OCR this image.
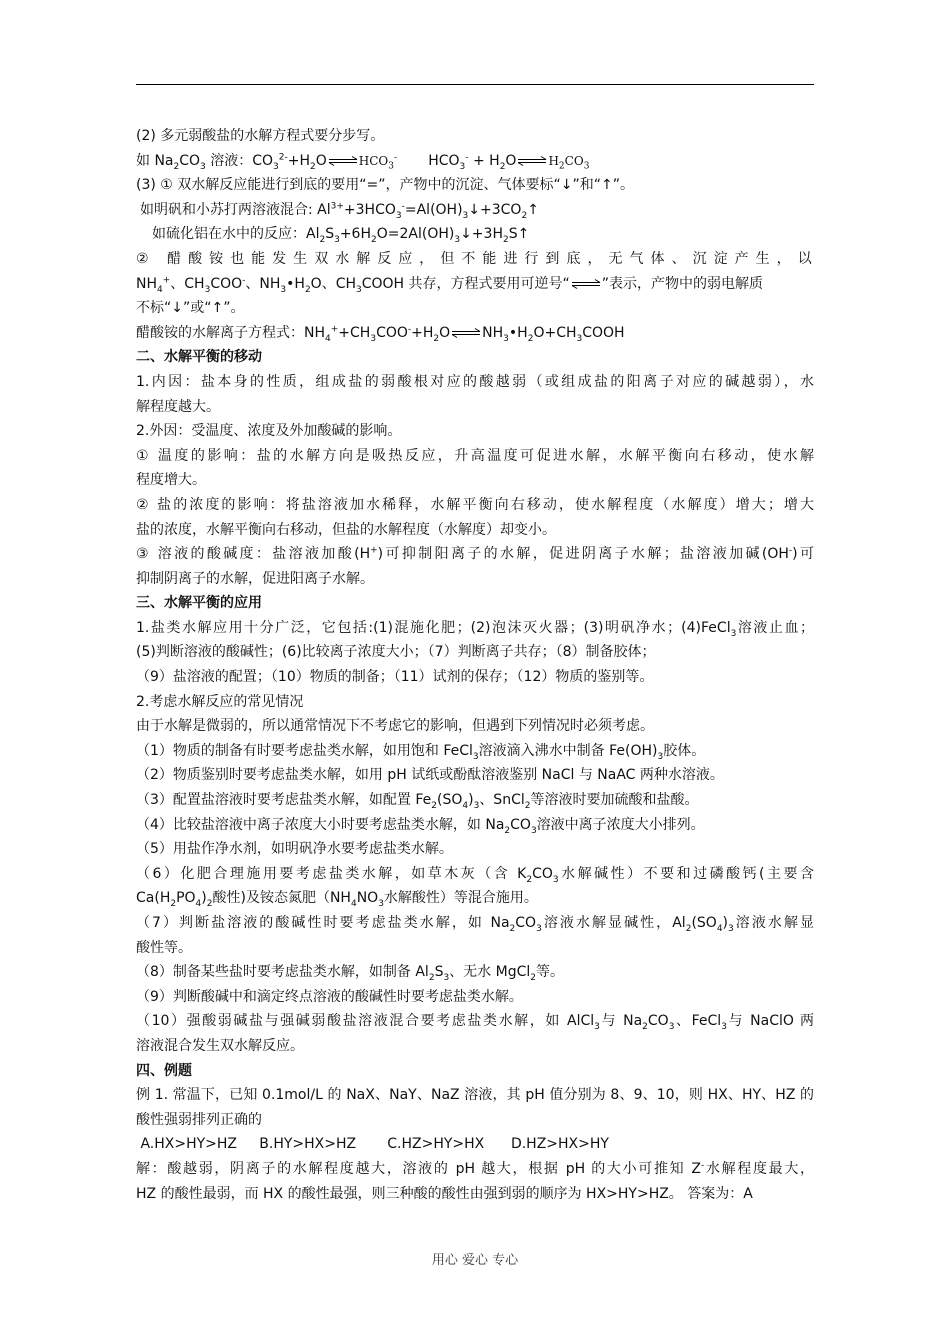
(2) 多元弱酸盐的水解方程式要分步写。
如 $Na_2CO_3$ 溶液：$CO_3^{2-}+H_2O\rightleftharpoons HCO_3^-$       $HCO_3^-$ + $H_2O\rightleftharpoons H_2CO_3$
(3) ① 双水解反应能进行到底的要用“=”，产物中的沉淀、气体要标“↓”和“↑”。
如明矾和小苏打两溶液混合: $Al^{3+}+3HCO_3^-=Al(OH)_3↓+3CO_2↑$
如硫化铝在水中的反应：$Al_2S_3+6H_2O=2Al(OH)_3↓+3H_2S↑$
② 醋酸铵也能发生双水解反应，但不能进行到底，无气体、沉淀产生，以
$NH_4^+$、$CH_3COO^-$、$NH_3•H_2O$、$CH_3COOH$ 共存，方程式要用可逆号“⇌”表示，产物中的弱电解质
不标“↓”或“↑”。
醋酸铵的水解离子方程式：$NH_4^++CH_3COO^-+H_2O\rightleftharpoons NH_3•H_2O+CH_3COOH$
二、水解平衡的移动
1.内因：盐本身的性质，组成盐的弱酸根对应的酸越弱（或组成盐的阳离子对应的碱越弱），水
解程度越大。
2.外因：受温度、浓度及外加酸碱的影响。
① 温度的影响：盐的水解方向是吸热反应，升高温度可促进水解，水解平衡向右移动，使水解
程度增大。
② 盐的浓度的影响：将盐溶液加水稀释，水解平衡向右移动，使水解程度（水解度）增大；增大
盐的浓度，水解平衡向右移动，但盐的水解程度（水解度）却变小。
③ 溶液的酸碱度：盐溶液加酸(H+)可抑制阳离子的水解，促进阴离子水解；盐溶液加碱(OH-)可
抑制阴离子的水解，促进阳离子水解。
三、水解平衡的应用
1.盐类水解应用十分广泛，它包括:(1)混施化肥；(2)泡沫灭火器；(3)明矾净水；(4)FeCl$_3$溶液止血；
(5)判断溶液的酸碱性；(6)比较离子浓度大小；（7）判断离子共存；（8）制备胶体；
（9）盐溶液的配置；（10）物质的制备；（11）试剂的保存；（12）物质的鉴别等。
2.考虑水解反应的常见情况
由于水解是微弱的，所以通常情况下不考虑它的影响，但遇到下列情况时必须考虑。
（1）物质的制备有时要考虑盐类水解，如用饱和 FeCl$_3$溶液滴入沸水中制备 $Fe(OH)_3$胶体。
（2）物质鉴别时要考虑盐类水解，如用 pH 试纸或酚酞溶液鉴别 NaCl 与 NaAC 两种水溶液。
（3）配置盐溶液时要考虑盐类水解，如配置 $Fe_2(SO_4)_3$、SnCl$_2$等溶液时要加硫酸和盐酸。
（4）比较盐溶液中离子浓度大小时要考虑盐类水解，如 $Na_2CO_3$溶液中离子浓度大小排列。
（5）用盐作净水剂，如明矾净水要考虑盐类水解。
（6）化肥合理施用要考虑盐类水解，如草木灰（含 $K_2CO_3$水解碱性）不要和过磷酸钙(主要含
$Ca(H_2PO_4)_2$酸性)及铵态氮肥（$NH_4NO_3$水解酸性）等混合施用。
（7）判断盐溶液的酸碱性时要考虑盐类水解，如 $Na_2CO_3$溶液水解显碱性，$Al_2(SO_4)_3$溶液水解显
酸性等。
（8）制备某些盐时要考虑盐类水解，如制备 $Al_2S_3$、无水 MgCl$_2$等。
（9）判断酸碱中和滴定终点溶液的酸碱性时要考虑盐类水解。
（10）强酸弱碱盐与强碱弱酸盐溶液混合要考虑盐类水解，如 AlCl$_3$与 $Na_2CO_3$、FeCl$_3$与 NaClO 两
溶液混合发生双水解反应。
四、例题
例 1. 常温下，已知 0.1mol/L 的 NaX、NaY、NaZ 溶液，其 pH 值分别为 8、9、10，则 HX、HY、HZ 的
酸性强弱排列正确的
A.HX>HY>HZ     B.HY>HX>HZ       C.HZ>HY>HX      D.HZ>HX>HY
解：酸越弱，阴离子的水解程度越大，溶液的 pH 越大，根据 pH 的大小可推知 Z-水解程度最大，
HZ 的酸性最弱，而 HX 的酸性最强，则三种酸的酸性由强到弱的顺序为 HX>HY>HZ。 答案为：A
用心 爱心 专心
